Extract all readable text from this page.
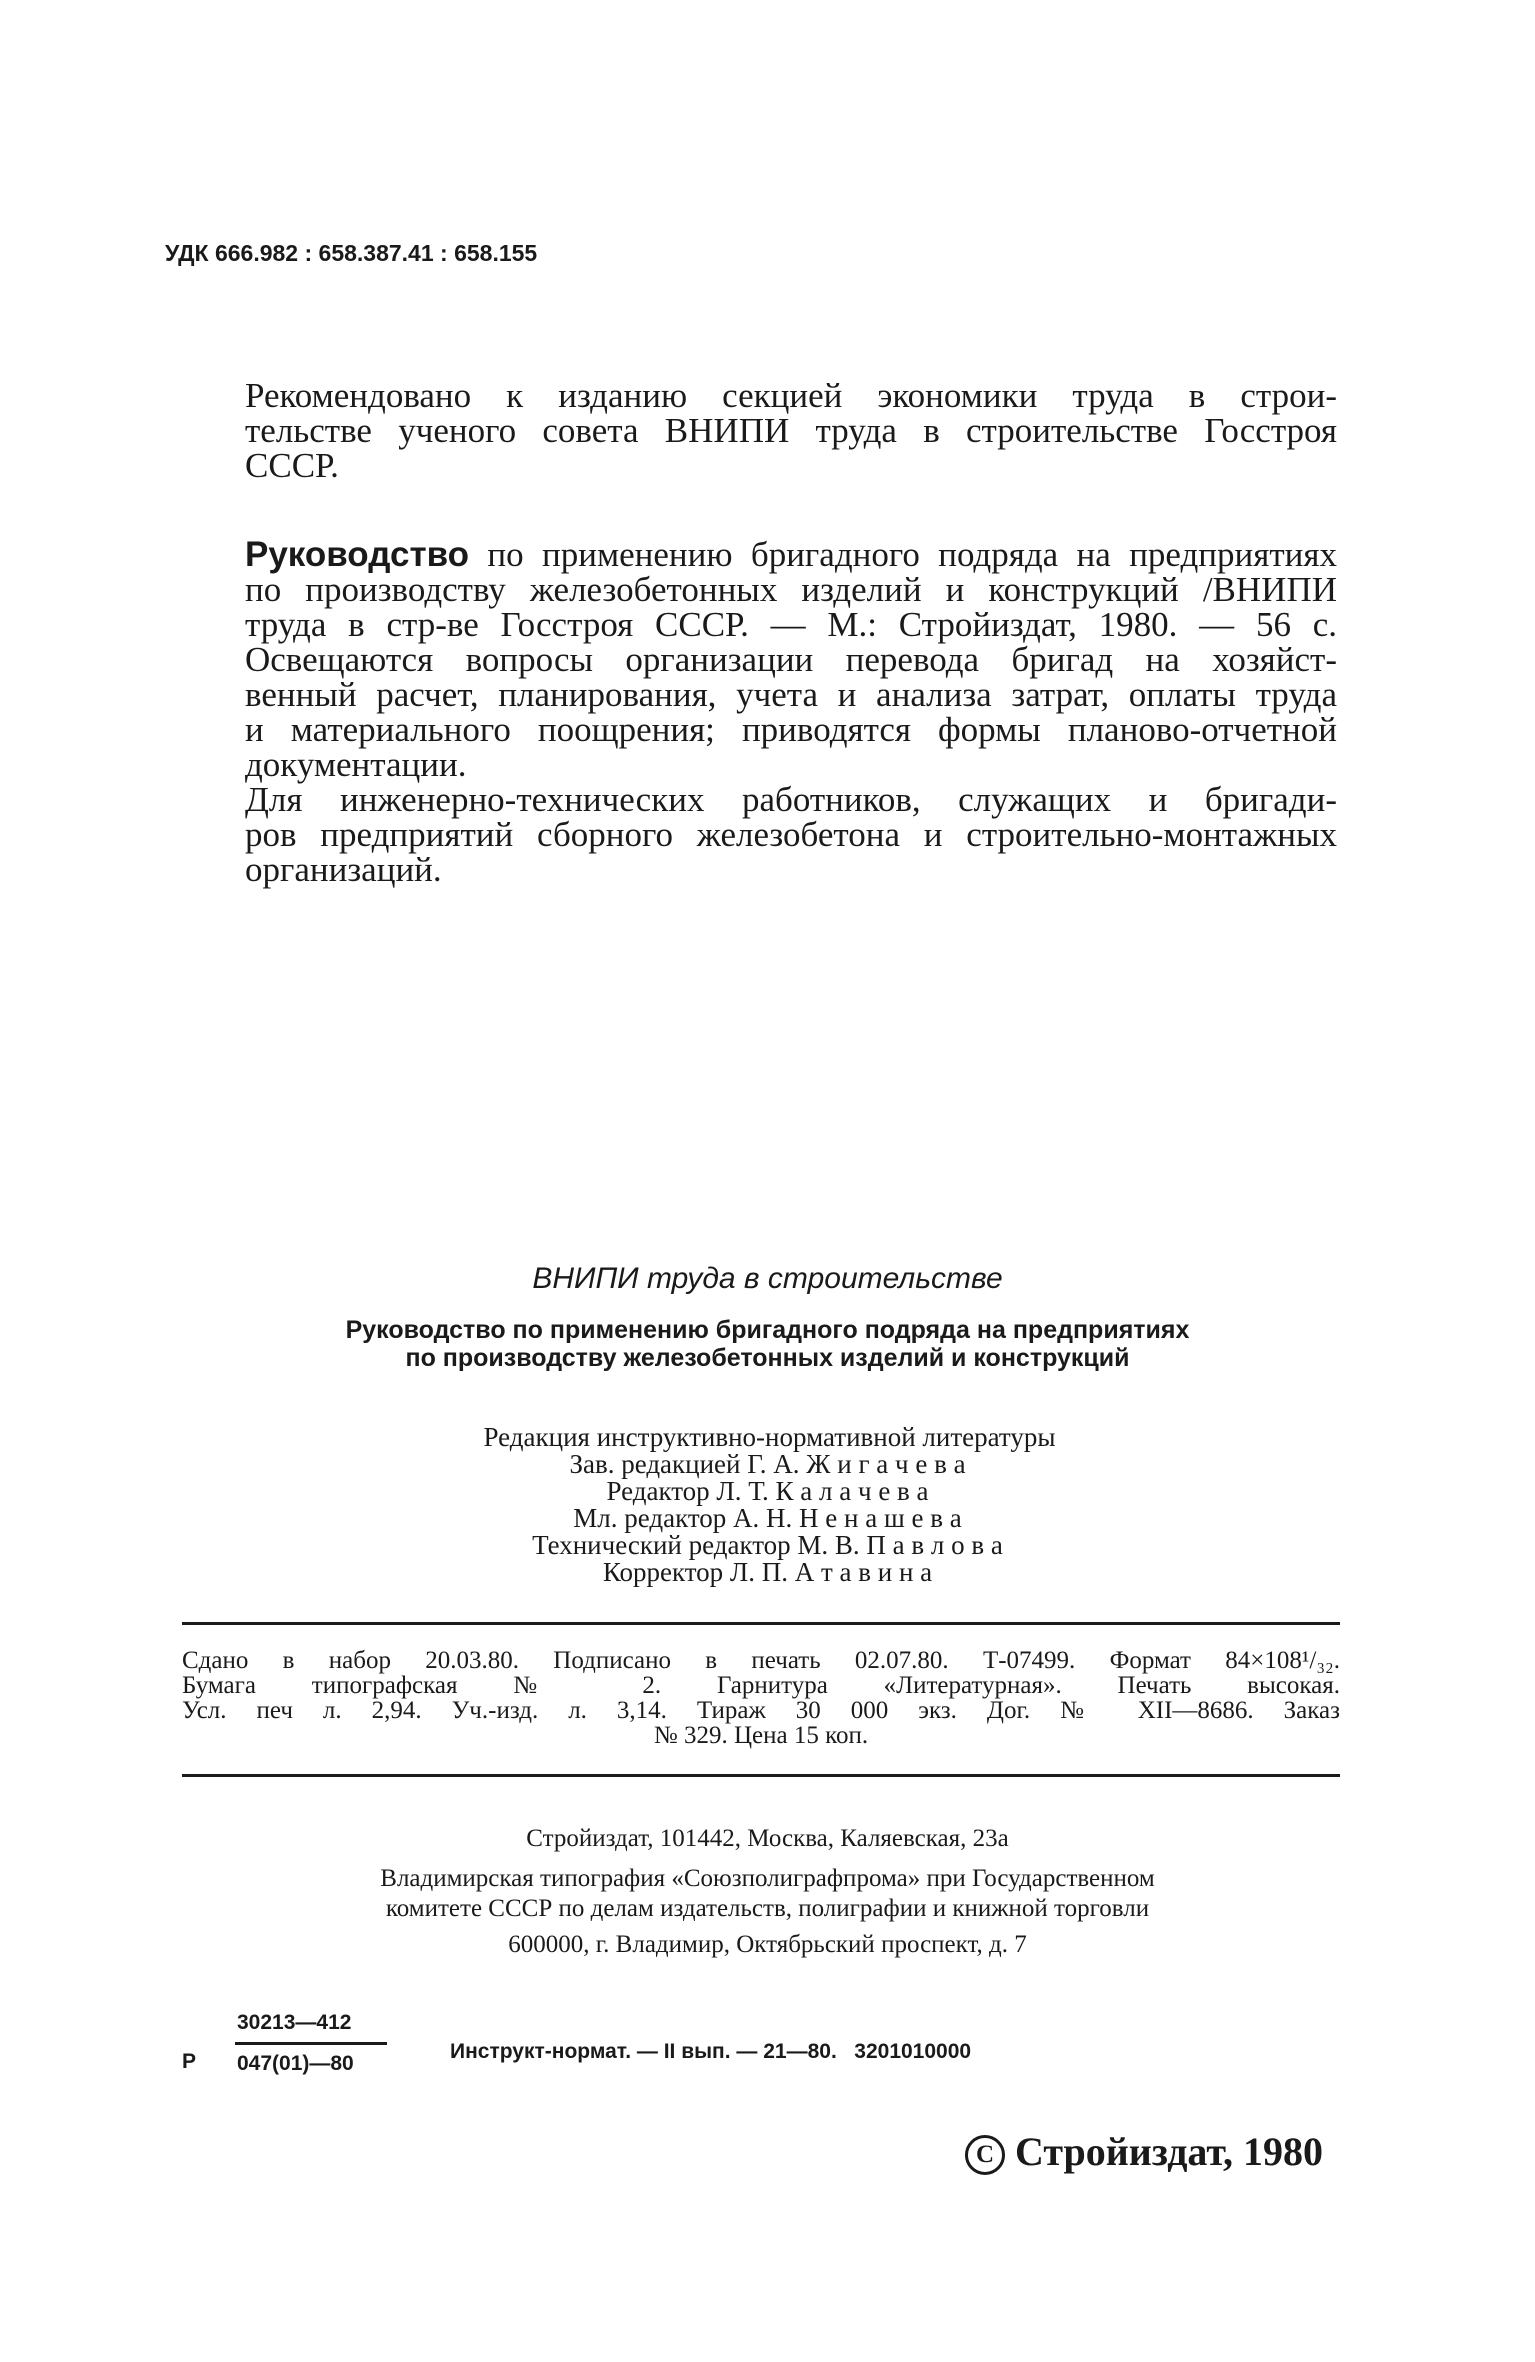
УДК 666.982 : 658.387.41 : 658.155
Рекомендовано к изданию секцией экономики труда в строи-
тельстве ученого совета ВНИПИ труда в строительстве Госстроя
СССР.
Руководство по применению бригадного подряда на предприятиях
по производству железобетонных изделий и конструкций /ВНИПИ
труда в стр-ве Госстроя СССР. — М.: Стройиздат, 1980. — 56 с.
Освещаются вопросы организации перевода бригад на хозяйст-
венный расчет, планирования, учета и анализа затрат, оплаты труда
и материального поощрения; приводятся формы планово-отчетной
документации.
Для инженерно-технических работников, служащих и бригади-
ров предприятий сборного железобетона и строительно-монтажных
организаций.
ВНИПИ труда в строительстве
Руководство по применению бригадного подряда на предприятиях
по производству железобетонных изделий и конструкций
Редакция инструктивно-нормативной литературы
Зав. редакцией Г. А. Ж и г а ч е в а
Редактор Л. Т. К а л а ч е в а
Мл. редактор А. Н. Н е н а ш е в а
Технический редактор М. В. П а в л о в а
Корректор Л. П. А т а в и н а
Сдано в набор 20.03.80. Подписано в печать 02.07.80. Т-07499. Формат 84×108¹/₃₂.
Бумага типографская № 2. Гарнитура «Литературная». Печать высокая.
Усл. печ л. 2,94. Уч.-изд. л. 3,14. Тираж 30 000 экз. Дог. № XII—8686. Заказ
№ 329. Цена 15 коп.
Стройиздат, 101442, Москва, Каляевская, 23а
Владимирская типография «Союзполиграфпрома» при Государственном
комитете СССР по делам издательств, полиграфии и книжной торговли
600000, г. Владимир, Октябрьский проспект, д. 7
Р
30213—412
047(01)—80
Инструкт-нормат. — II вып. — 21—80.   3201010000
С Стройиздат, 1980
